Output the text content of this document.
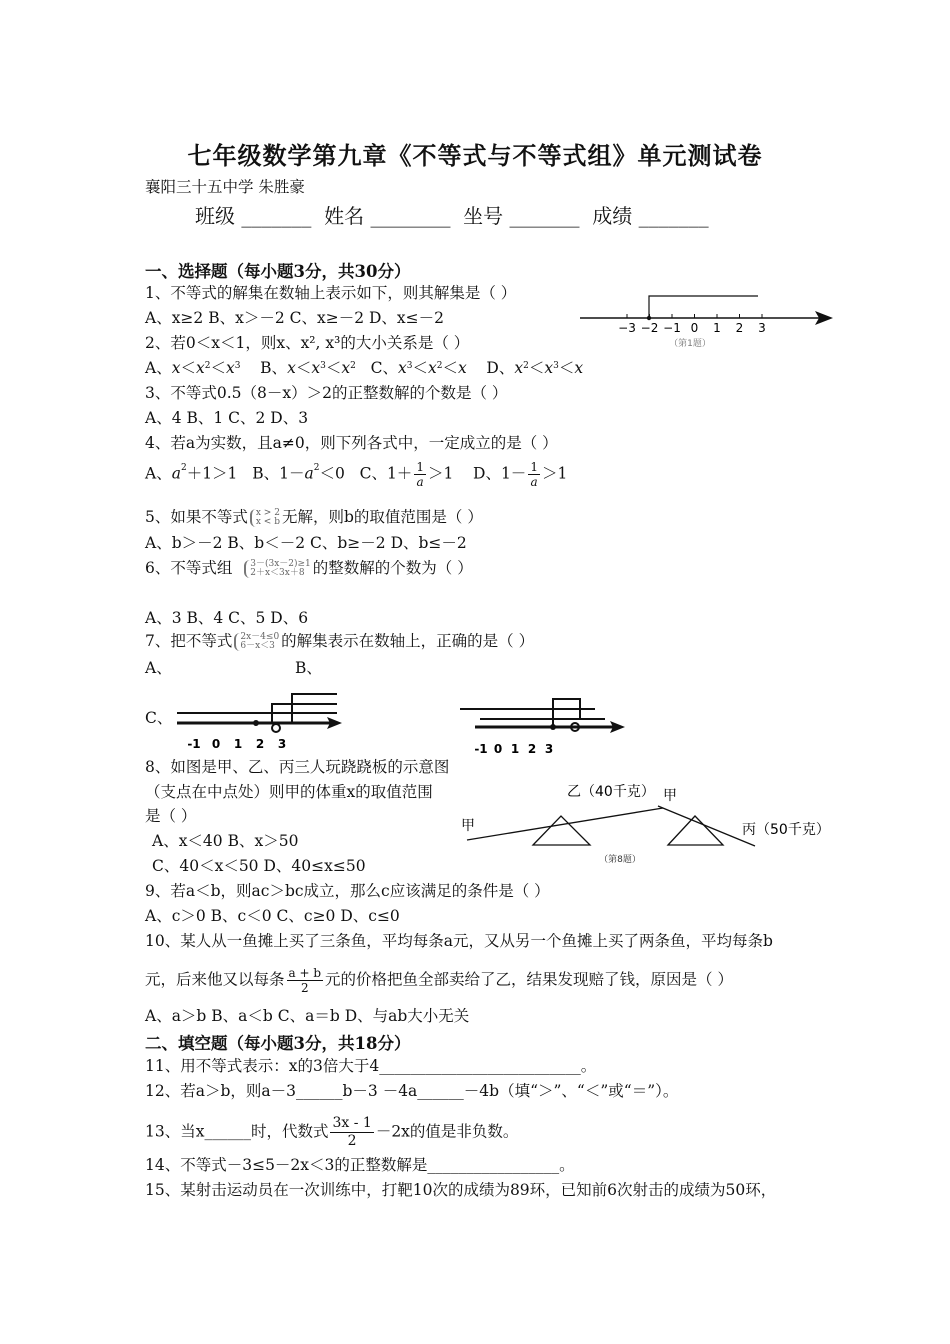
七年级数学第九章《不等式与不等式组》单元测试卷
襄阳三十五中学 朱胜豪
班级 _______ 姓名 ________ 坐号 _______ 成绩 _______
一、选择题（每小题3分，共30分）
1、不等式的解集在数轴上表示如下，则其解集是（ ）
A、x≥2 B、x＞－2 C、x≥－2 D、x≤－2
−3 −2 −1 0 1 2 3
（第1题）
2、若0＜x＜1，则x、x², x³的大小关系是（ ）
A、$x<x^2<x^3$    B、$x<x^3<x^2$   C、$x^3<x^2<x$    D、$x^2<x^3<x$
3、不等式0.5（8－x）＞2的正整数解的个数是（ ）
A、4 B、1 C、2 D、3
4、若a为实数，且a≠0，则下列各式中，一定成立的是（ ）
A、$a^2+1>1$   B、$1-a^2<0$   C、$1+ \frac{1}{a} >1$    D、$1- \frac{1}{a} >1$
5、如果不等式 x > 2
x < b 无解，则b的取值范围是（ ）
A、b＞－2 B、b＜－2 C、b≥－2 D、b≤－2
6、不等式组 3－(3x－2)≥1
2＋x＜3x＋8 的整数解的个数为（ ）
A、3 B、4 C、5 D、6
7、把不等式 2x－4≤0
6－x＜3 的解集表示在数轴上，正确的是（ ）
A、	B、
C、
-1 0 1 2 3	-1 0 1 2 3
8、如图是甲、乙、丙三人玩跷跷板的示意图
（支点在中点处）则甲的体重x的取值范围
是（ ）
A、x＜40 B、x＞50
C、40＜x＜50 D、40≤x≤50
甲
乙（40千克） 甲
丙（50千克）
（第8题）
9、若a＜b，则ac＞bc成立，那么c应该满足的条件是（ ）
A、c＞0 B、c＜0 C、c≥0 D、c≤0
10、某人从一鱼摊上买了三条鱼，平均每条a元，又从另一个鱼摊上买了两条鱼，平均每条b
元，后来他又以每条 $\frac{a + b}{2}$ 元的价格把鱼全部卖给了乙，结果发现赔了钱，原因是（ ）
A、a＞b B、a＜b C、a＝b D、与ab大小无关
二、填空题（每小题3分，共18分）
11、用不等式表示：x的3倍大于4__________________________。
12、若a＞b，则a－3______b－3 －4a______－4b（填“＞”、“＜”或“＝”）。
13、当x______时，代数式 $\frac{3x - 1}{2} -2x$的值是非负数。
14、不等式－3≤5－2x＜3的正整数解是_________________。
15、某射击运动员在一次训练中，打靶10次的成绩为89环，已知前6次射击的成绩为50环，
